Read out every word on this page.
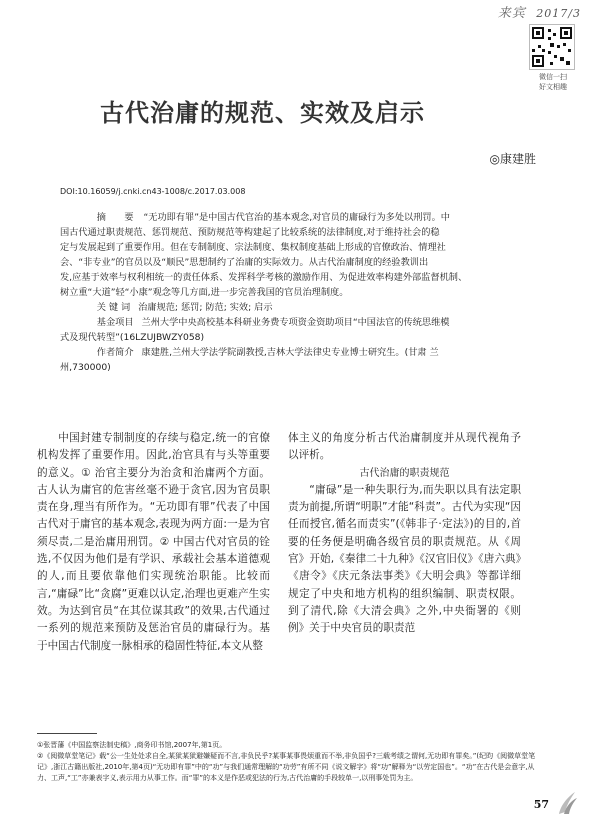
来宾 2017/3
微信一扫
好文相趣
古代治庸的规范、实效及启示
◎康建胜
DOI:10.16059/j.cnki.cn43-1008/c.2017.03.008

摘　　要 “无功即有罪”是中国古代官治的基本观念,对官员的庸碌行为多处以刑罚。中

国古代通过职责规范、惩罚规范、预防规范等构建起了比较系统的法律制度,对于维持社会的稳

定与发展起到了重要作用。但在专制制度、宗法制度、集权制度基础上形成的官僚政治、情理社

会、“非专业”的官员以及“顺民”思想制约了治庸的实际效力。从古代治庸制度的经验教训出

发,应基于效率与权利相统一的责任体系、发挥科学考核的激励作用、为促进效率构建外部监督机制、

树立重“大道”轻“小康”观念等几方面,进一步完善我国的官员治理制度。

关 键 词 治庸规范; 惩罚; 防范; 实效; 启示

基金项目 兰州大学中央高校基本科研业务费专项资金资助项目“中国法官的传统思维模

式及现代转型”(16LZUJBWZY058)

作者简介 康建胜,兰州大学法学院副教授,吉林大学法律史专业博士研究生。(甘肃 兰

州,730000)

中国封建专制制度的存续与稳定,统一的官僚机构发挥了重要作用。因此,治官具有与头等重要的意义。① 治官主要分为治贪和治庸两个方面。古人认为庸官的危害丝毫不逊于贪官,因为官员职责在身,理当有所作为。“无功即有罪”代表了中国古代对于庸官的基本观念,表现为两方面:一是为官须尽责,二是治庸用刑罚。② 中国古代对官员的铨选,不仅因为他们是有学识、承载社会基本道德观的人,而且要依靠他们实现统治职能。比较而言,“庸碌”比“贪腐”更难以认定,治理也更难产生实效。为达到官员“在其位谋其政”的效果,古代通过一系列的规范来预防及惩治官员的庸碌行为。基于中国古代制度一脉相承的稳固性特征,本文从整

体主义的角度分析古代治庸制度并从现代视角予以评析。

古代治庸的职责规范

“庸碌”是一种失职行为,而失职以具有法定职责为前提,所谓“明职”才能“科责”。古代为实现“因任而授官,循名而责实”(《韩非子·定法》)的目的,首要的任务便是明确各级官员的职责规范。从《周官》开始,《秦律二十九种》《汉官旧仪》《唐六典》《唐令》《庆元条法事类》《大明会典》等都详细规定了中央和地方机构的组织编制、职责权限。到了清代,除《大清会典》之外,中央衙署的《则例》关于中央官员的职责范

①张晋藩《中国监察法制史稿》,商务印书馆,2007年,第1页。

②《阅微草堂笔记》载“公一生处处求自全,某狱某狱避嫌疑而不言,非负民乎?某事某事畏烦重而不举,非负国乎?三载考绩之谓何,无功即有罪矣。”(纪昀《阅微草堂笔记》,浙江古籍出版社,2010年,第4页)“无功即有罪”中的“功”与我们通常理解的“功劳”有所不同《说文解字》将“功”解释为“以劳定国也”。“功”在古代是会意字,从力、工声,“工”亦兼表字义,表示用力从事工作。而“罪”的本义是作恶或犯法的行为,古代治庸的手段较单一,以刑事处罚为主。

57
